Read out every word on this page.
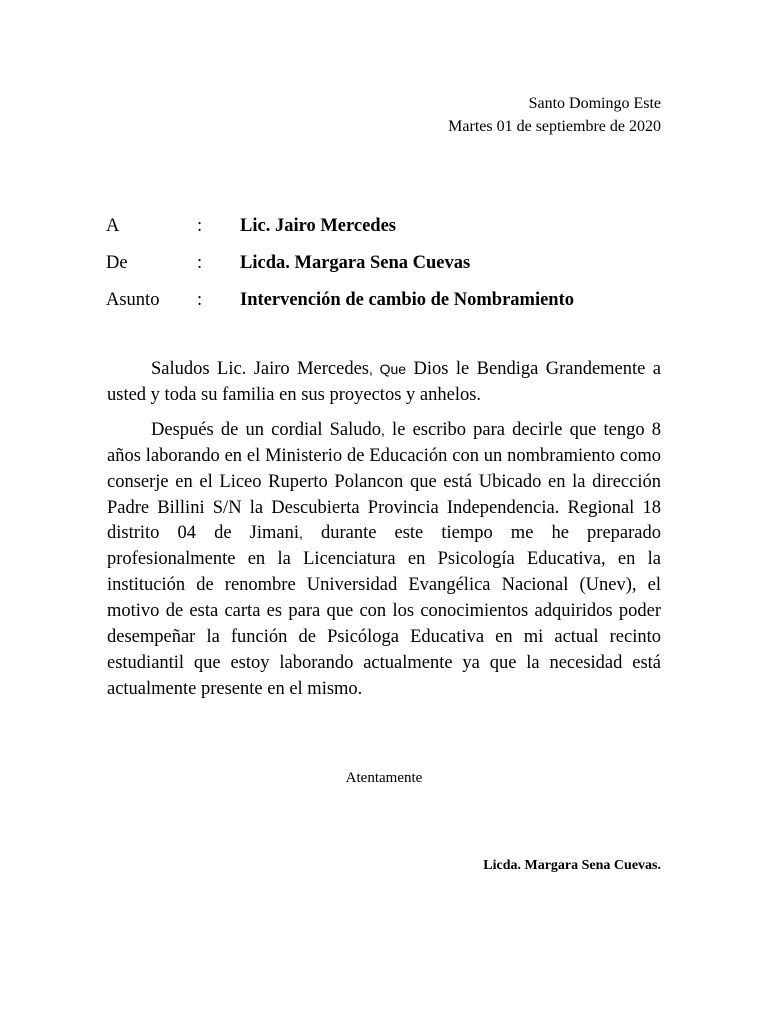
Santo Domingo Este
Martes 01 de septiembre de 2020
A	:	Lic. Jairo Mercedes
De	:	Licda. Margara Sena Cuevas
Asunto	:	Intervención de cambio de Nombramiento

Saludos Lic. Jairo Mercedes, Que Dios le Bendiga Grandemente a usted y toda su familia en sus proyectos y anhelos.

Después de un cordial Saludo, le escribo para decirle que tengo 8 años laborando en el Ministerio de Educación con un nombramiento como conserje en el Liceo Ruperto Polancon que está Ubicado en la dirección Padre Billini S/N la Descubierta Provincia Independencia. Regional 18 distrito 04 de Jimani, durante este tiempo me he preparado profesionalmente en la Licenciatura en Psicología Educativa, en la institución de renombre Universidad Evangélica Nacional (Unev), el motivo de esta carta es para que con los conocimientos adquiridos poder desempeñar la función de Psicóloga Educativa en mi actual recinto estudiantil que estoy laborando actualmente ya que la necesidad está actualmente presente en el mismo.

Atentamente
Licda. Margara Sena Cuevas.
